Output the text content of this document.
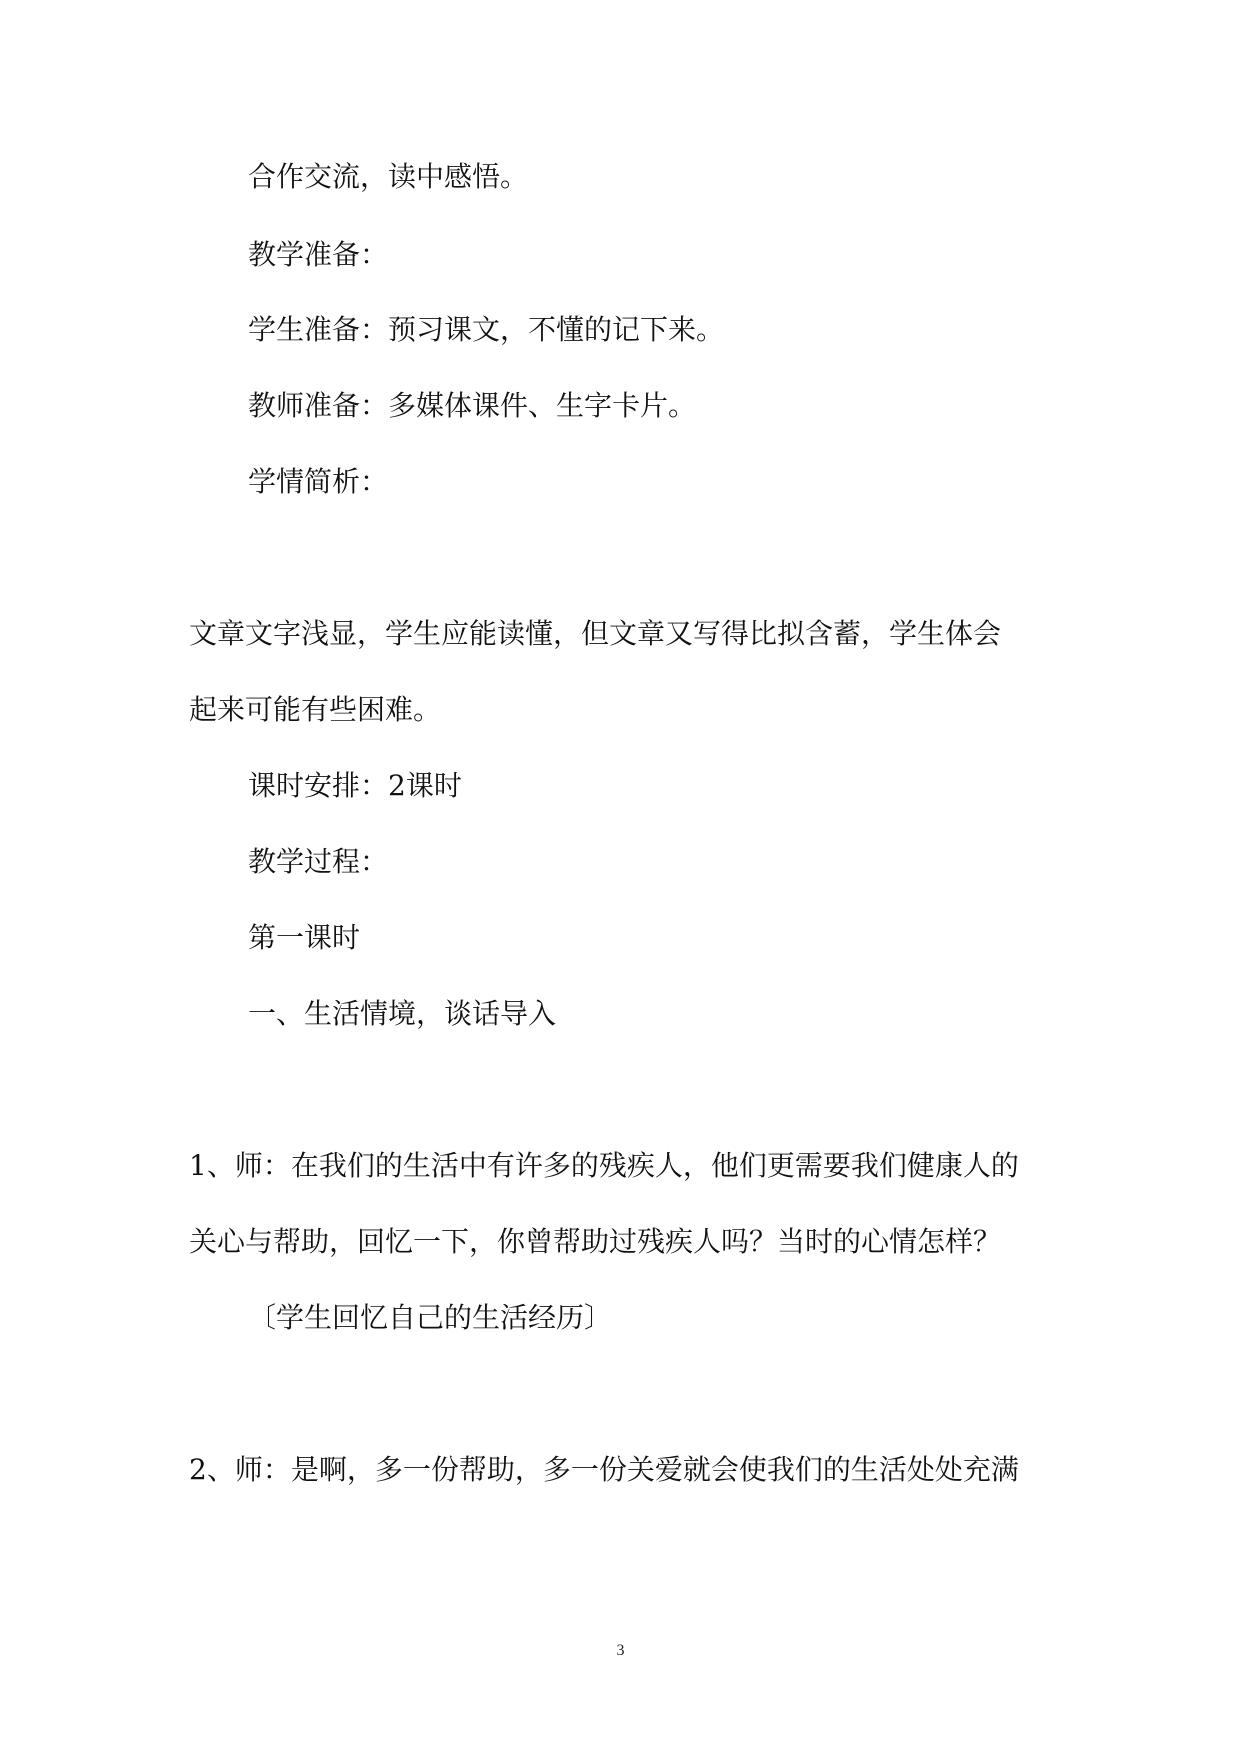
合作交流，读中感悟。
教学准备：
学生准备：预习课文，不懂的记下来。
教师准备：多媒体课件、生字卡片。
学情简析：
文章文字浅显，学生应能读懂，但文章又写得比拟含蓄，学生体会
起来可能有些困难。
课时安排：2课时
教学过程：
第一课时
一、生活情境，谈话导入
1、师：在我们的生活中有许多的残疾人，他们更需要我们健康人的
关心与帮助，回忆一下，你曾帮助过残疾人吗？当时的心情怎样？
〔学生回忆自己的生活经历〕
2、师：是啊，多一份帮助，多一份关爱就会使我们的生活处处充满
3
